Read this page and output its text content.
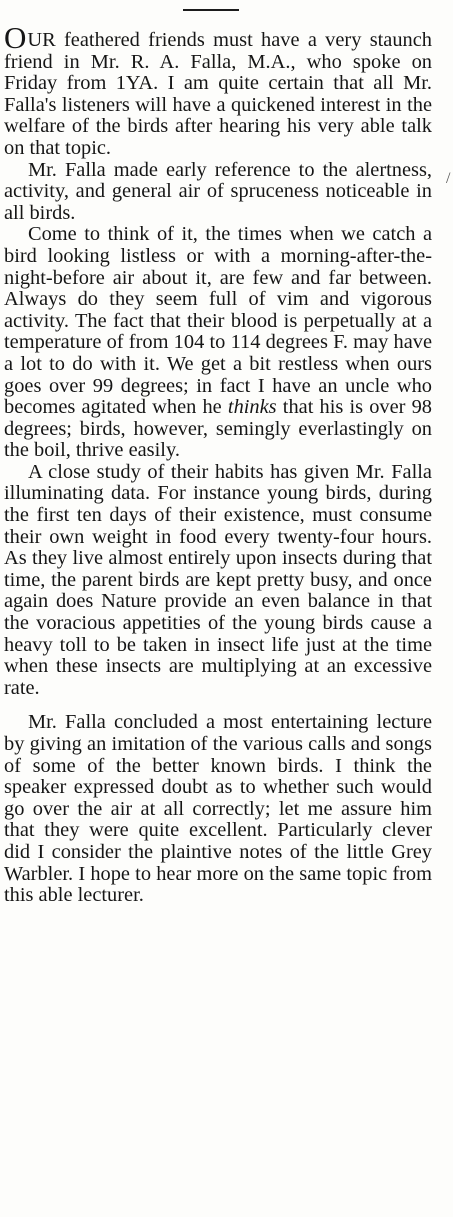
/

OUR feathered friends must have a very staunch friend in Mr. R. A. Falla, M.A., who spoke on Friday from 1YA. I am quite certain that all Mr. Falla's listeners will have a quickened interest in the welfare of the birds after hearing his very able talk on that topic.

Mr. Falla made early reference to the alertness, activity, and general air of spruceness noticeable in all birds.

Come to think of it, the times when we catch a bird looking listless or with a morning-after-the-night-before air about it, are few and far between. Always do they seem full of vim and vigorous activity. The fact that their blood is perpetually at a temperature of from 104 to 114 degrees F. may have a lot to do with it. We get a bit restless when ours goes over 99 degrees; in fact I have an uncle who becomes agitated when he thinks that his is over 98 degrees; birds, however, semingly everlastingly on the boil, thrive easily.

A close study of their habits has given Mr. Falla illuminating data. For instance young birds, during the first ten days of their existence, must consume their own weight in food every twenty-four hours. As they live almost entirely upon insects during that time, the parent birds are kept pretty busy, and once again does Nature provide an even balance in that the voracious appetities of the young birds cause a heavy toll to be taken in insect life just at the time when these insects are multiplying at an excessive rate.

Mr. Falla concluded a most entertaining lecture by giving an imitation of the various calls and songs of some of the better known birds. I think the speaker expressed doubt as to whether such would go over the air at all correctly; let me assure him that they were quite excellent. Particularly clever did I consider the plaintive notes of the little Grey Warbler. I hope to hear more on the same topic from this able lecturer.
